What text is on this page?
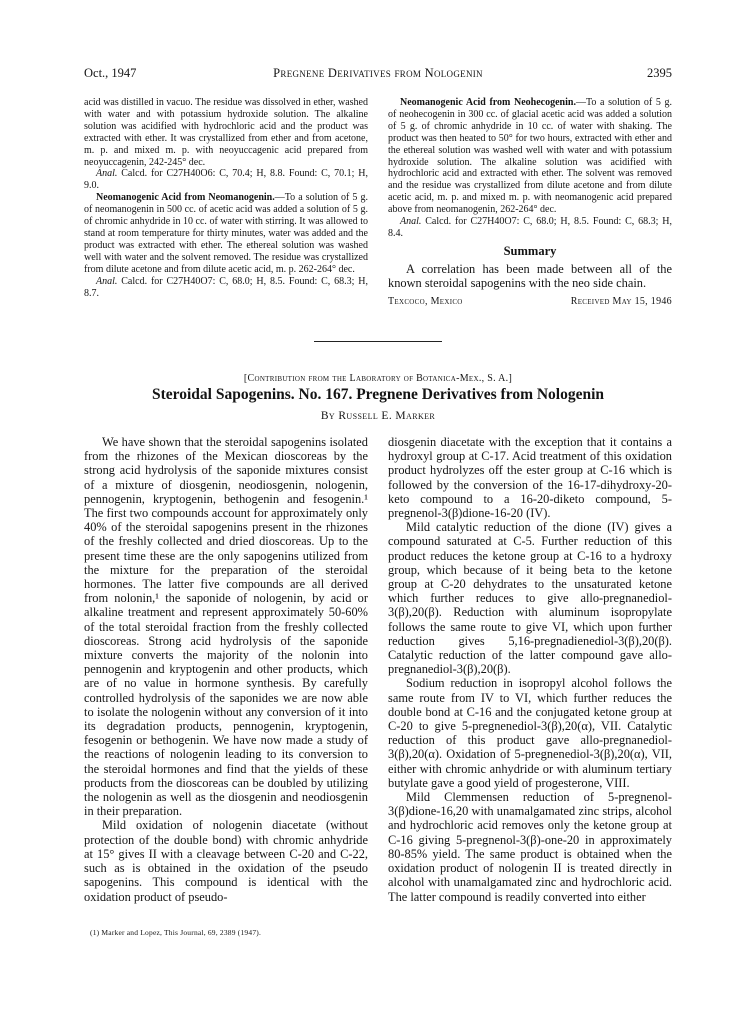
Oct., 1947	Pregnene Derivatives from Nologenin	2395

acid was distilled in vacuo. The residue was dissolved in ether, washed with water and with potassium hydroxide solution. The alkaline solution was acidified with hydrochloric acid and the product was extracted with ether. It was crystallized from ether and from acetone, m. p. and mixed m. p. with neoyuccagenic acid prepared from neoyuccagenin, 242-245° dec.

Anal. Calcd. for C27H40O6: C, 70.4; H, 8.8. Found: C, 70.1; H, 9.0.

Neomanogenic Acid from Neomanogenin.—To a solution of 5 g. of neomanogenin in 500 cc. of acetic acid was added a solution of 5 g. of chromic anhydride in 10 cc. of water with stirring. It was allowed to stand at room temperature for thirty minutes, water was added and the product was extracted with ether. The ethereal solution was washed well with water and the solvent removed. The residue was crystallized from dilute acetone and from dilute acetic acid, m. p. 262-264° dec.

Anal. Calcd. for C27H40O7: C, 68.0; H, 8.5. Found: C, 68.3; H, 8.7.

Neomanogenic Acid from Neohecogenin.—To a solution of 5 g. of neohecogenin in 300 cc. of glacial acetic acid was added a solution of 5 g. of chromic anhydride in 10 cc. of water with shaking. The product was then heated to 50° for two hours, extracted with ether and the ethereal solution was washed well with water and with potassium hydroxide solution. The alkaline solution was acidified with hydrochloric acid and extracted with ether. The solvent was removed and the residue was crystallized from dilute acetone and from dilute acetic acid, m. p. and mixed m. p. with neomanogenic acid prepared above from neomanogenin, 262-264° dec.

Anal. Calcd. for C27H40O7: C, 68.0; H, 8.5. Found: C, 68.3; H, 8.4.

Summary

A correlation has been made between all of the known steroidal sapogenins with the neo side chain.

Texcoco, Mexico	Received May 15, 1946
[Contribution from the Laboratory of Botanica-Mex., S. A.]
Steroidal Sapogenins. No. 167. Pregnene Derivatives from Nologenin
By Russell E. Marker

We have shown that the steroidal sapogenins isolated from the rhizones of the Mexican dioscoreas by the strong acid hydrolysis of the saponide mixtures consist of a mixture of diosgenin, neodiosgenin, nologenin, pennogenin, kryptogenin, bethogenin and fesogenin.¹ The first two compounds account for approximately only 40% of the steroidal sapogenins present in the rhizones of the freshly collected and dried dioscoreas. Up to the present time these are the only sapogenins utilized from the mixture for the preparation of the steroidal hormones. The latter five compounds are all derived from nolonin,¹ the saponide of nologenin, by acid or alkaline treatment and represent approximately 50-60% of the total steroidal fraction from the freshly collected dioscoreas. Strong acid hydrolysis of the saponide mixture converts the majority of the nolonin into pennogenin and kryptogenin and other products, which are of no value in hormone synthesis. By carefully controlled hydrolysis of the saponides we are now able to isolate the nologenin without any conversion of it into its degradation products, pennogenin, kryptogenin, fesogenin or bethogenin. We have now made a study of the reactions of nologenin leading to its conversion to the steroidal hormones and find that the yields of these products from the dioscoreas can be doubled by utilizing the nologenin as well as the diosgenin and neodiosgenin in their preparation.

Mild oxidation of nologenin diacetate (without protection of the double bond) with chromic anhydride at 15° gives II with a cleavage between C-20 and C-22, such as is obtained in the oxidation of the pseudo sapogenins. This compound is identical with the oxidation product of pseudo-

diosgenin diacetate with the exception that it contains a hydroxyl group at C-17. Acid treatment of this oxidation product hydrolyzes off the ester group at C-16 which is followed by the conversion of the 16-17-dihydroxy-20-keto compound to a 16-20-diketo compound, 5-pregnenol-3(β)dione-16-20 (IV).

Mild catalytic reduction of the dione (IV) gives a compound saturated at C-5. Further reduction of this product reduces the ketone group at C-16 to a hydroxy group, which because of it being beta to the ketone group at C-20 dehydrates to the unsaturated ketone which further reduces to give allo-pregnanediol-3(β),20(β). Reduction with aluminum isopropylate follows the same route to give VI, which upon further reduction gives 5,16-pregnadienediol-3(β),20(β). Catalytic reduction of the latter compound gave allo-pregnanediol-3(β),20(β).

Sodium reduction in isopropyl alcohol follows the same route from IV to VI, which further reduces the double bond at C-16 and the conjugated ketone group at C-20 to give 5-pregnenediol-3(β),20(α), VII. Catalytic reduction of this product gave allo-pregnanediol-3(β),20(α). Oxidation of 5-pregnenediol-3(β),20(α), VII, either with chromic anhydride or with aluminum tertiary butylate gave a good yield of progesterone, VIII.

Mild Clemmensen reduction of 5-pregnenol-3(β)dione-16,20 with unamalgamated zinc strips, alcohol and hydrochloric acid removes only the ketone group at C-16 giving 5-pregnenol-3(β)-one-20 in approximately 80-85% yield. The same product is obtained when the oxidation product of nologenin II is treated directly in alcohol with unamalgamated zinc and hydrochloric acid. The latter compound is readily converted into either

(1) Marker and Lopez, This Journal, 69, 2389 (1947).
